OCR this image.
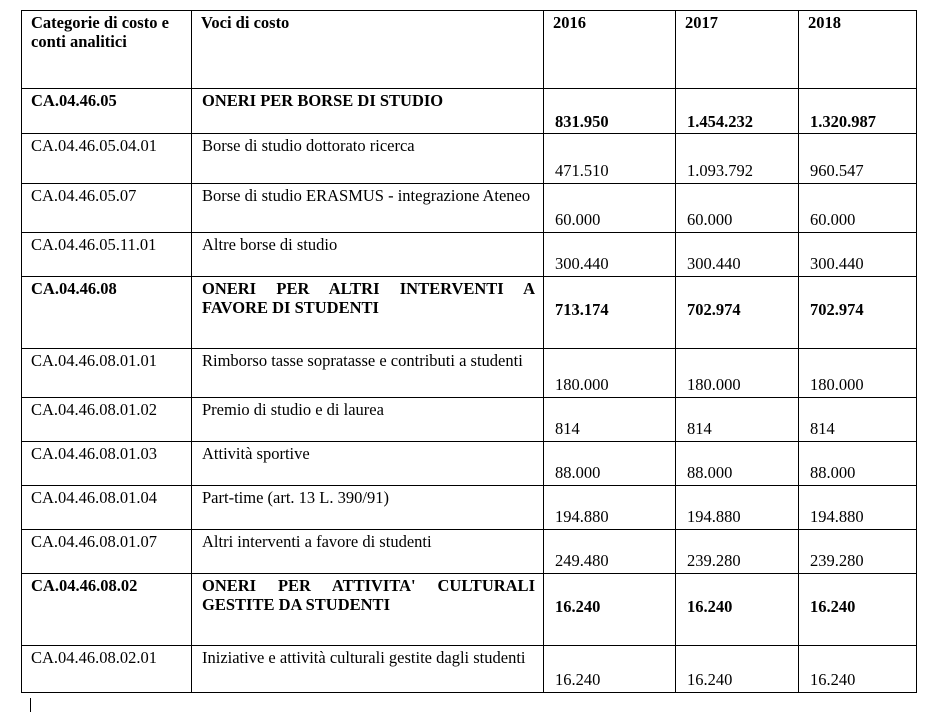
Categorie di costo e conti analitici	Voci di costo	2016	2017	2018
CA.04.46.05	ONERI PER BORSE DI STUDIO	831.950	1.454.232	1.320.987
CA.04.46.05.04.01	Borse di studio dottorato ricerca	471.510	1.093.792	960.547
CA.04.46.05.07	Borse di studio ERASMUS - integrazione Ateneo	60.000	60.000	60.000
CA.04.46.05.11.01	Altre borse di studio	300.440	300.440	300.440
CA.04.46.08	ONERI PER ALTRI INTERVENTI A FAVORE DI STUDENTI	713.174	702.974	702.974
CA.04.46.08.01.01	Rimborso tasse sopratasse e contributi a studenti	180.000	180.000	180.000
CA.04.46.08.01.02	Premio di studio e di laurea	814	814	814
CA.04.46.08.01.03	Attività sportive	88.000	88.000	88.000
CA.04.46.08.01.04	Part-time (art. 13 L. 390/91)	194.880	194.880	194.880
CA.04.46.08.01.07	Altri interventi a favore di studenti	249.480	239.280	239.280
CA.04.46.08.02	ONERI PER ATTIVITA' CULTURALI GESTITE DA STUDENTI	16.240	16.240	16.240
CA.04.46.08.02.01	Iniziative e attività culturali gestite dagli studenti	16.240	16.240	16.240
